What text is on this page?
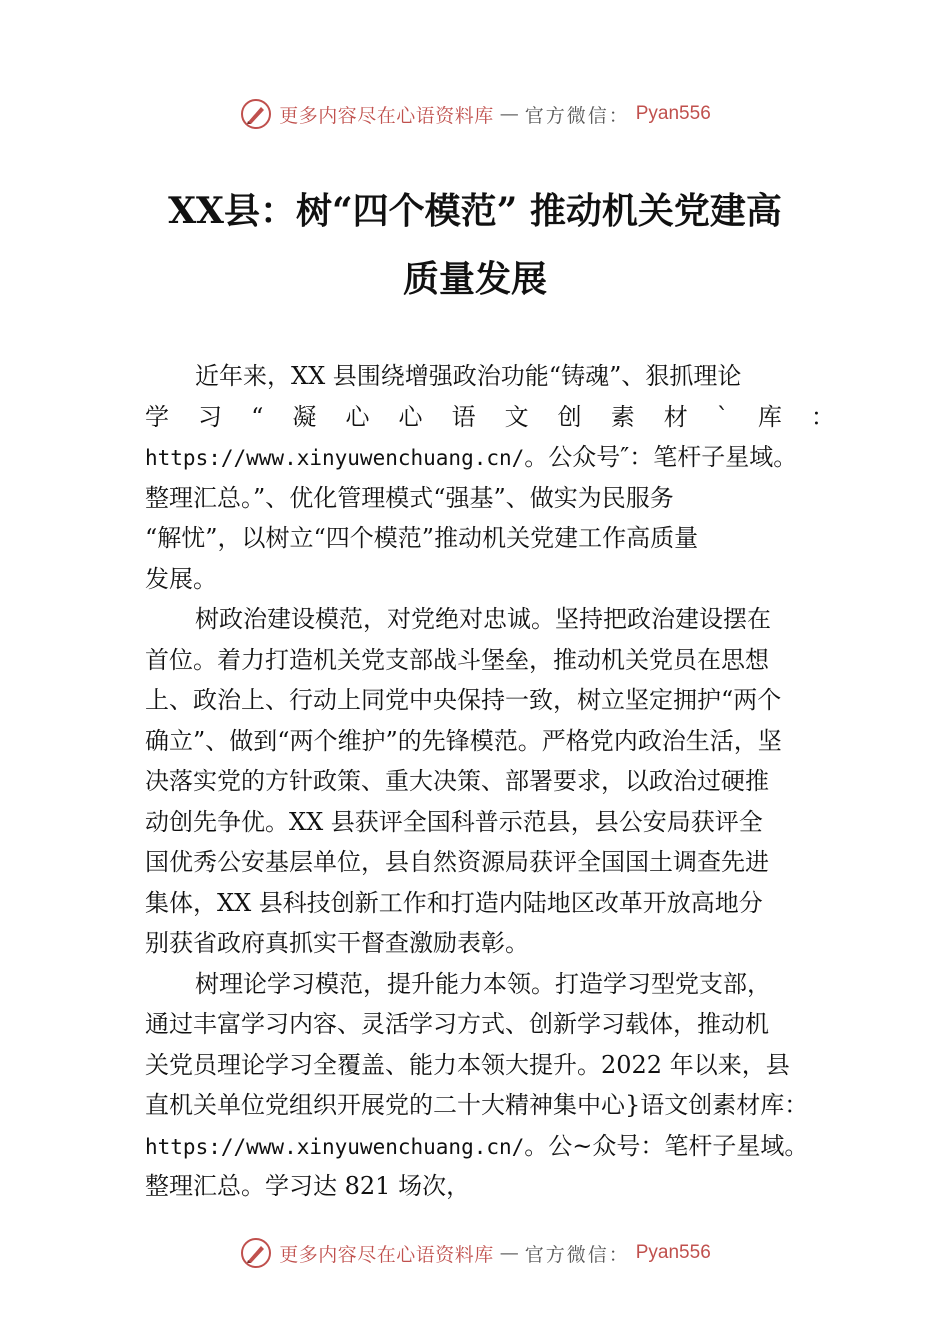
更多内容尽在心语资料库 — 官方微信： Pyan556
XX县：树“四个模范” 推动机关党建高
质量发展
近年来，XX 县围绕增强政治功能“铸魂”、狠抓理论
学 习 “ 凝 心 心 语 文 创 素 材 ` 库 ：
https://www.xinyuwenchuang.cn/。公众号″：笔杆子星域。
整理汇总。”、优化管理模式“强基”、做实为民服务
“解忧”，以树立“四个模范”推动机关党建工作高质量
发展。
树政治建设模范，对党绝对忠诚。坚持把政治建设摆在
首位。着力打造机关党支部战斗堡垒，推动机关党员在思想
上、政治上、行动上同党中央保持一致，树立坚定拥护“两个
确立”、做到“两个维护”的先锋模范。严格党内政治生活，坚
决落实党的方针政策、重大决策、部署要求，以政治过硬推
动创先争优。XX 县获评全国科普示范县，县公安局获评全
国优秀公安基层单位，县自然资源局获评全国国土调查先进
集体，XX 县科技创新工作和打造内陆地区改革开放高地分
别获省政府真抓实干督查激励表彰。
树理论学习模范，提升能力本领。打造学习型党支部，
通过丰富学习内容、灵活学习方式、创新学习载体，推动机
关党员理论学习全覆盖、能力本领大提升。2022 年以来，县
直机关单位党组织开展党的二十大精神集中心}语文创素材库：
https://www.xinyuwenchuang.cn/。公~众号：笔杆子星域。
整理汇总。学习达 821 场次，
更多内容尽在心语资料库 — 官方微信： Pyan556
